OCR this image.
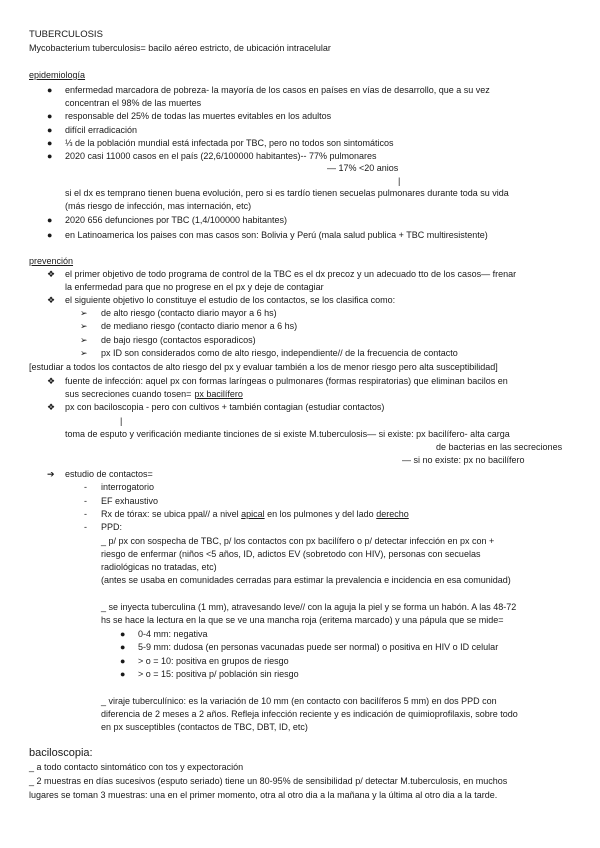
TUBERCULOSIS
Mycobacterium tuberculosis= bacilo aéreo estricto, de ubicación intracelular
epidemiología
● enfermedad marcadora de pobreza- la mayoría de los casos en países en vías de desarrollo, que a su vez
concentran el 98% de las muertes
● responsable del 25% de todas las muertes evitables en los adultos
● difícil erradicación
● ⅓ de la población mundial está infectada por TBC, pero no todos son sintomáticos
● 2020 casi 11000 casos en el país (22,6/100000 habitantes)-- 77% pulmonares
— 17% <20 anios
|
si el dx es temprano tienen buena evolución, pero si es tardío tienen secuelas pulmonares durante toda su vida
(más riesgo de infección, mas internación, etc)
● 2020 656 defunciones por TBC (1,4/100000 habitantes)
● en Latinoamerica los paises con mas casos son: Bolivia y Perú (mala salud publica + TBC multiresistente)
prevención
❖ el primer objetivo de todo programa de control de la TBC es el dx precoz y un adecuado tto de los casos— frenar
la enfermedad para que no progrese en el px y deje de contagiar
❖ el siguiente objetivo lo constituye el estudio de los contactos, se los clasifica como:
➢ de alto riesgo (contacto diario mayor a 6 hs)
➢ de mediano riesgo (contacto diario menor a 6 hs)
➢ de bajo riesgo (contactos esporadicos)
➢ px ID son considerados como de alto riesgo, independiente// de la frecuencia de contacto
[estudiar a todos los contactos de alto riesgo del px y evaluar también a los de menor riesgo pero alta susceptibilidad]
❖ fuente de infección: aquel px con formas laríngeas o pulmonares (formas respiratorias) que eliminan bacilos en
sus secreciones cuando tosen= px bacilífero
❖ px con baciloscopia - pero con cultivos + también contagian (estudiar contactos)
|
toma de esputo y verificación mediante tinciones de si existe M.tuberculosis— si existe: px bacilífero- alta carga
de bacterias en las secreciones
— si no existe: px no bacilífero
➔ estudio de contactos=
- interrogatorio
- EF exhaustivo
- Rx de tórax: se ubica ppal// a nivel apical en los pulmones y del lado derecho
- PPD:
_ p/ px con sospecha de TBC, p/ los contactos con px bacilífero o p/ detectar infección en px con +
riesgo de enfermar (niños <5 años, ID, adictos EV (sobretodo con HIV), personas con secuelas
radiológicas no tratadas, etc)
(antes se usaba en comunidades cerradas para estimar la prevalencia e incidencia en esa comunidad)
_ se inyecta tuberculina (1 mm), atravesando leve// con la aguja la piel y se forma un habón. A las 48-72
hs se hace la lectura en la que se ve una mancha roja (eritema marcado) y una pápula que se mide=
● 0-4 mm: negativa
● 5-9 mm: dudosa (en personas vacunadas puede ser normal) o positiva en HIV o ID celular
● > o = 10: positiva en grupos de riesgo
● > o = 15: positiva p/ población sin riesgo
_ viraje tuberculínico: es la variación de 10 mm (en contacto con bacilíferos 5 mm) en dos PPD con
diferencia de 2 meses a 2 años. Refleja infección reciente y es indicación de quimioprofilaxis, sobre todo
en px susceptibles (contactos de TBC, DBT, ID, etc)
baciloscopia:
_ a todo contacto sintomático con tos y expectoración
_ 2 muestras en días sucesivos (esputo seriado) tiene un 80-95% de sensibilidad p/ detectar M.tuberculosis, en muchos
lugares se toman 3 muestras: una en el primer momento, otra al otro dia a la mañana y la última al otro dia a la tarde.
